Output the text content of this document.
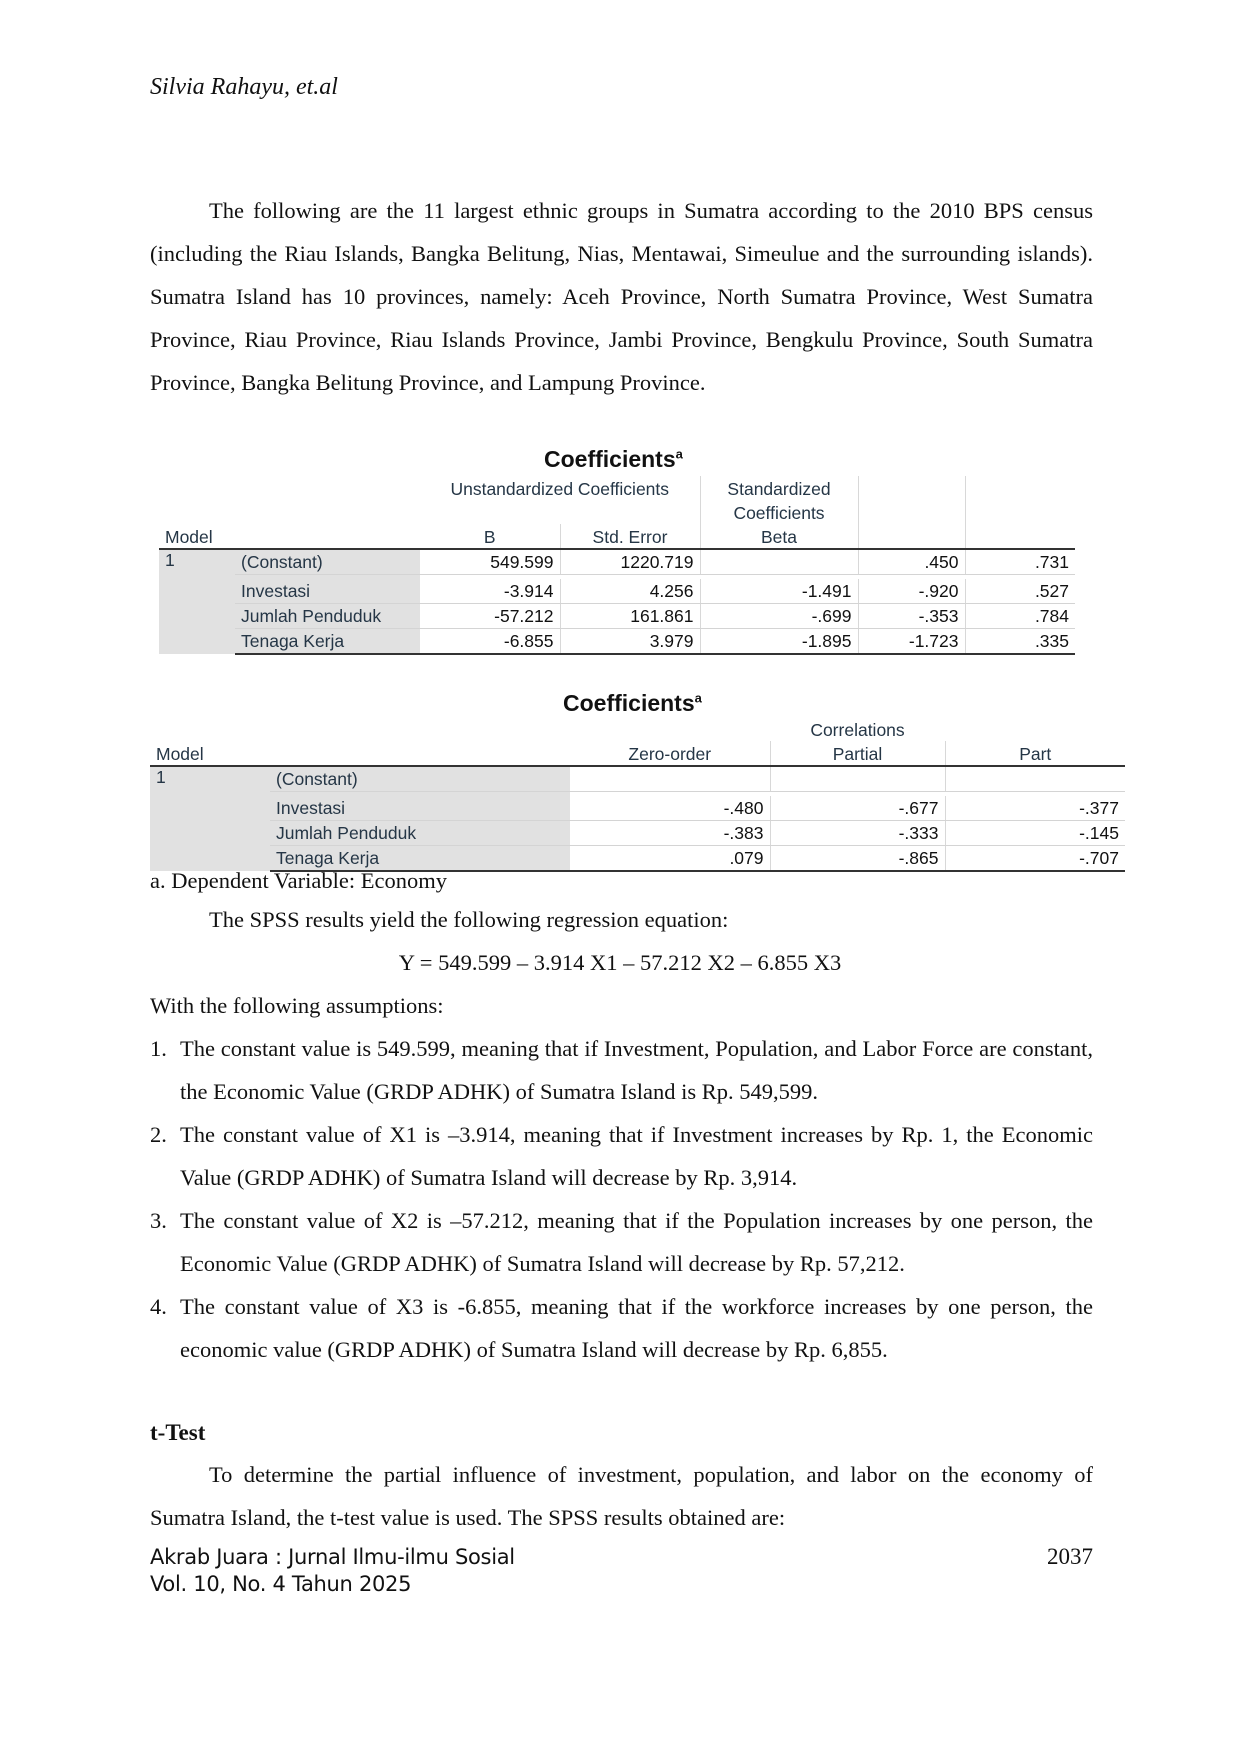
Silvia Rahayu, et.al

The following are the 11 largest ethnic groups in Sumatra according to the 2010 BPS census (including the Riau Islands, Bangka Belitung, Nias, Mentawai, Simeulue and the surrounding islands). Sumatra Island has 10 provinces, namely: Aceh Province, North Sumatra Province, West Sumatra Province, Riau Province, Riau Islands Province, Jambi Province, Bengkulu Province, South Sumatra Province, Bangka Belitung Province, and Lampung Province.

Coefficients$^a$
Model		Unstandardized Coefficients		Standardized		
				Coefficients		
		B	Std. Error	Beta		
1	(Constant)	549.599	1220.719		.450	.731

	Investasi	-3.914	4.256	-1.491	-.920	.527
	Jumlah Penduduk	-57.212	161.861	-.699	-.353	.784
	Tenaga Kerja	-6.855	3.979	-1.895	-1.723	.335
Coefficients$^a$
Model			Correlations	
		Zero-order	Partial	Part
1	(Constant)			

	Investasi	-.480	-.677	-.377
	Jumlah Penduduk	-.383	-.333	-.145
	Tenaga Kerja	.079	-.865	-.707
a. Dependent Variable: Economy

The SPSS results yield the following regression equation:

Y = 549.599 – 3.914 X1 – 57.212 X2 – 6.855 X3

With the following assumptions:

1. The constant value is 549.599, meaning that if Investment, Population, and Labor Force are constant, the Economic Value (GRDP ADHK) of Sumatra Island is Rp. 549,599.
2. The constant value of X1 is –3.914, meaning that if Investment increases by Rp. 1, the Economic Value (GRDP ADHK) of Sumatra Island will decrease by Rp. 3,914.
3. The constant value of X2 is –57.212, meaning that if the Population increases by one person, the Economic Value (GRDP ADHK) of Sumatra Island will decrease by Rp. 57,212.
4. The constant value of X3 is -6.855, meaning that if the workforce increases by one person, the economic value (GRDP ADHK) of Sumatra Island will decrease by Rp. 6,855.
t-Test

To determine the partial influence of investment, population, and labor on the economy of Sumatra Island, the t-test value is used. The SPSS results obtained are:

Akrab Juara : Jurnal Ilmu-ilmu Sosial
Vol. 10, No. 4 Tahun 2025
2037
